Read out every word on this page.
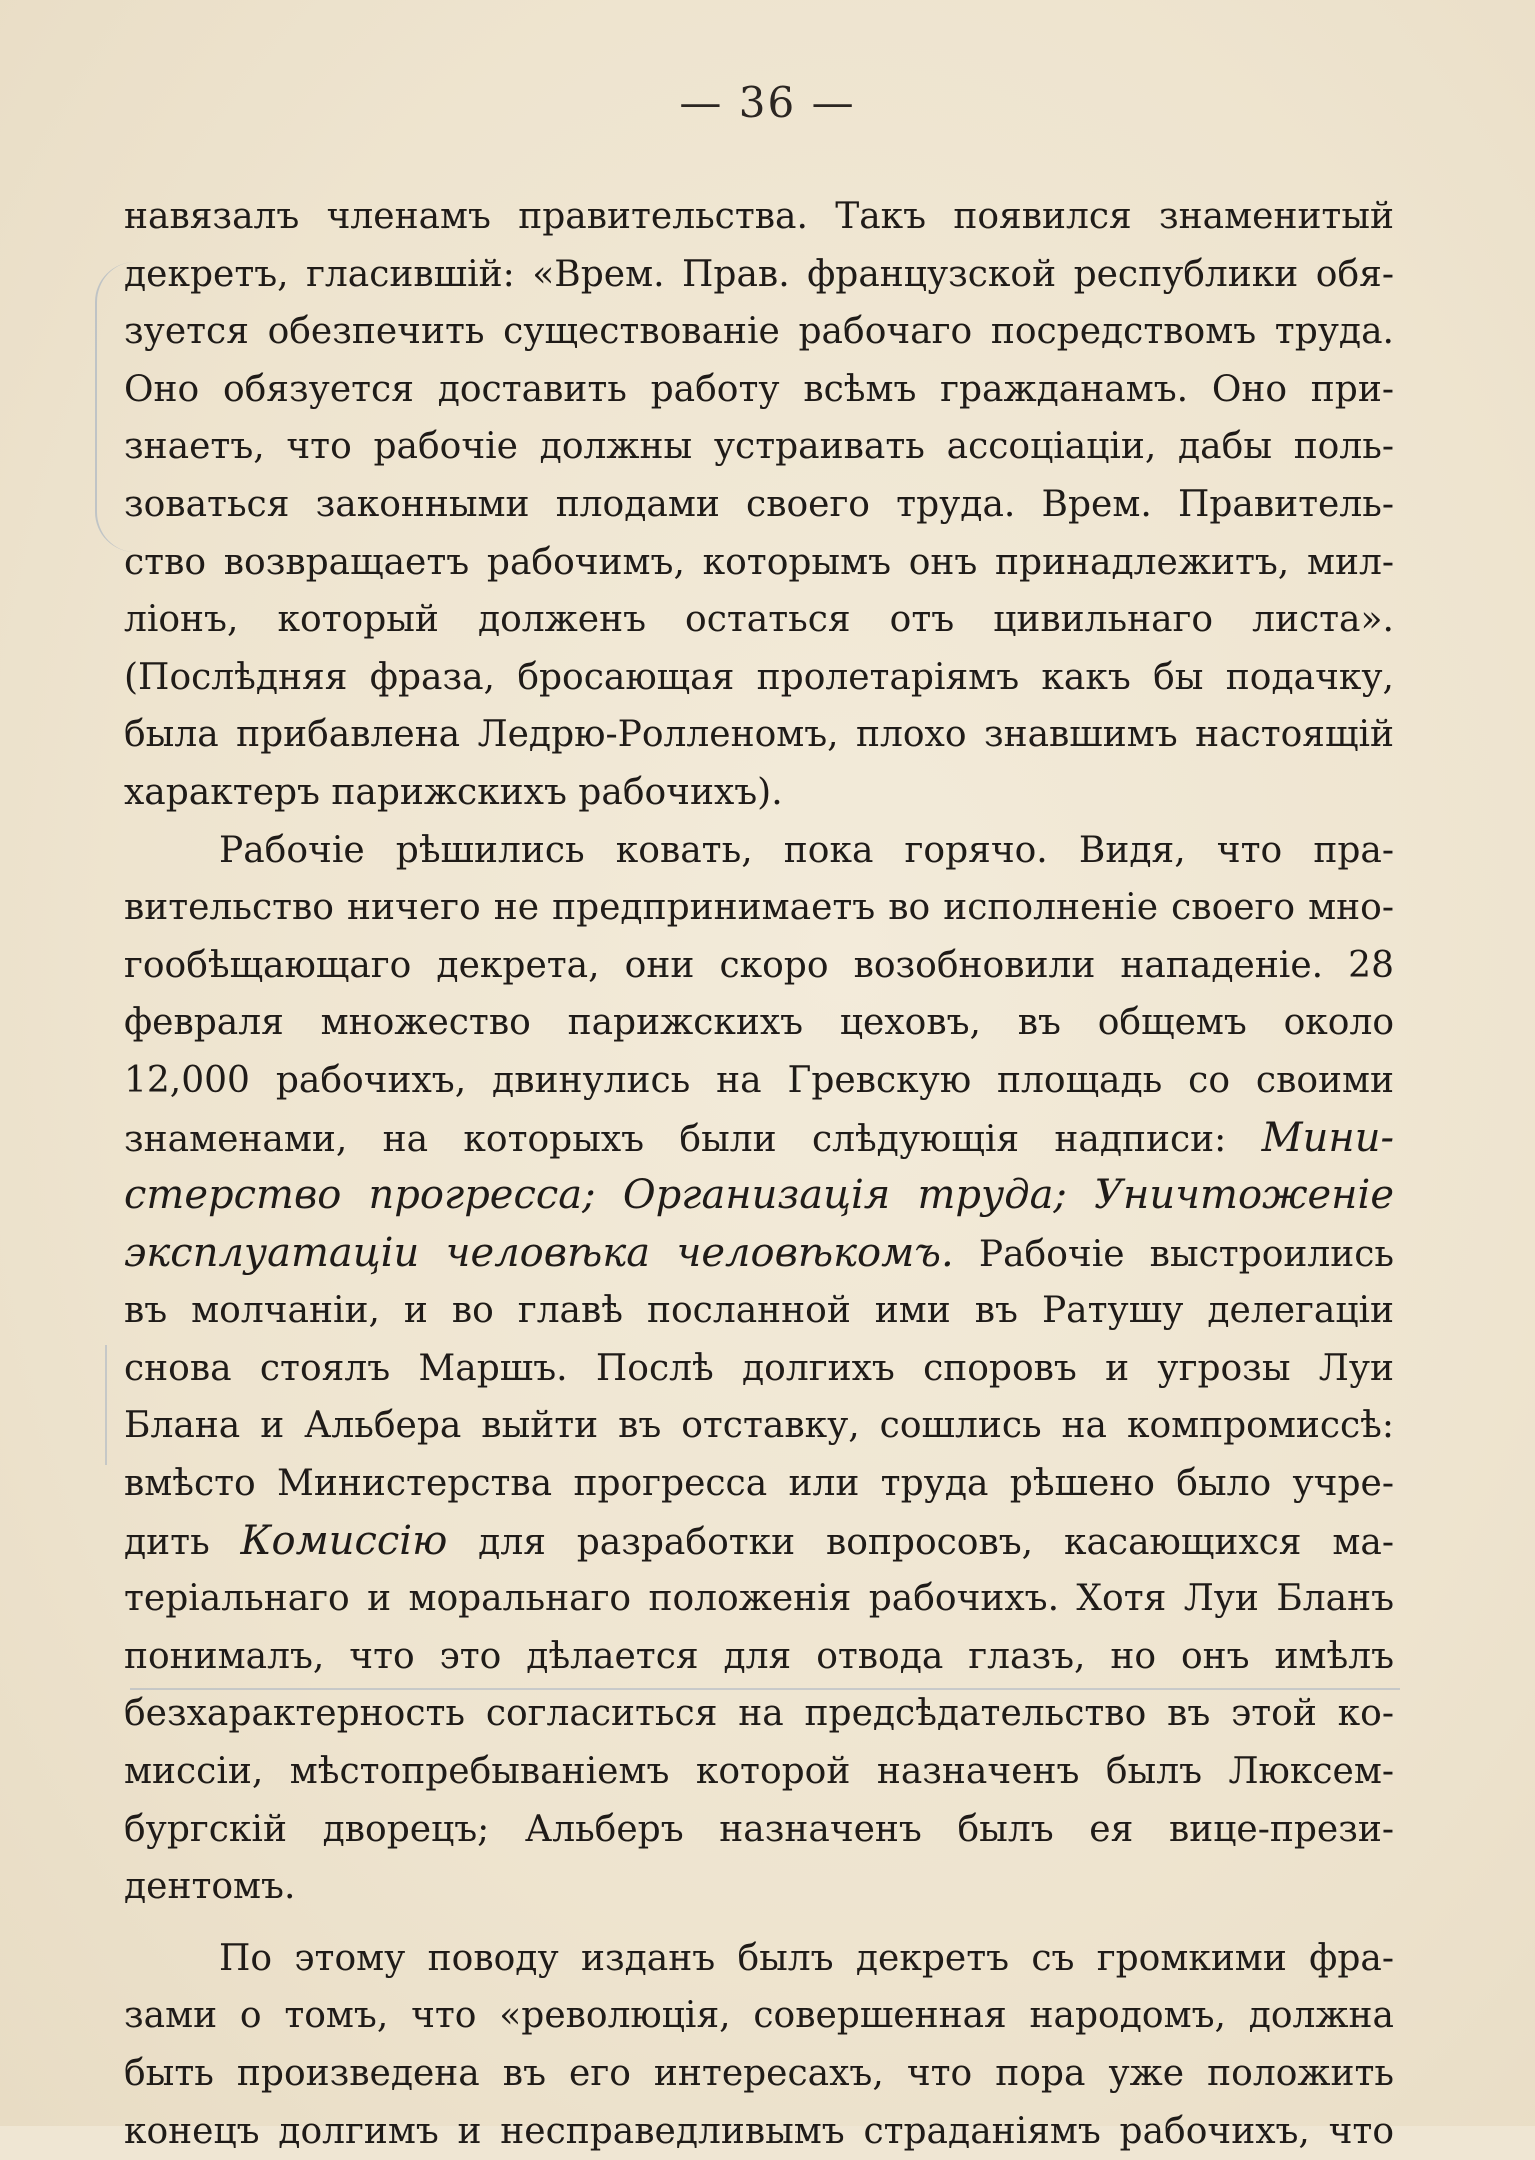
— 36 —
навязалъ членамъ правительства. Такъ появился знаменитый
декретъ, гласившій: «Врем. Прав. французской республики обя-
зуется обезпечить существованіе рабочаго посредствомъ труда.
Оно обязуется доставить работу всѣмъ гражданамъ. Оно при-
знаетъ, что рабочіе должны устраивать ассоціаціи, дабы поль-
зоваться законными плодами своего труда. Врем. Правитель-
ство возвращаетъ рабочимъ, которымъ онъ принадлежитъ, мил-
ліонъ, который долженъ остаться отъ цивильнаго листа».
(Послѣдняя фраза, бросающая пролетаріямъ какъ бы подачку,
была прибавлена Ледрю-Ролленомъ, плохо знавшимъ настоящій
характеръ парижскихъ рабочихъ).
Рабочіе рѣшились ковать, пока горячо. Видя, что пра-
вительство ничего не предпринимаетъ во исполненіе своего мно-
гообѣщающаго декрета, они скоро возобновили нападеніе. 28
февраля множество парижскихъ цеховъ, въ общемъ около
12,000 рабочихъ, двинулись на Гревскую площадь со своими
знаменами, на которыхъ были слѣдующія надписи: Мини-
стерство прогресса; Организація труда; Уничтоженіе
эксплуатаціи человѣка человѣкомъ. Рабочіе выстроились
въ молчаніи, и во главѣ посланной ими въ Ратушу делегаціи
снова стоялъ Маршъ. Послѣ долгихъ споровъ и угрозы Луи
Блана и Альбера выйти въ отставку, сошлись на компромиссѣ:
вмѣсто Министерства прогресса или труда рѣшено было учре-
дить Комиссію для разработки вопросовъ, касающихся ма-
теріальнаго и моральнаго положенія рабочихъ. Хотя Луи Бланъ
понималъ, что это дѣлается для отвода глазъ, но онъ имѣлъ
безхарактерность согласиться на предсѣдательство въ этой ко-
миссіи, мѣстопребываніемъ которой назначенъ былъ Люксем-
бургскій дворецъ; Альберъ назначенъ былъ ея вице-прези-
дентомъ.
По этому поводу изданъ былъ декретъ съ громкими фра-
зами о томъ, что «революція, совершенная народомъ, должна
быть произведена въ его интересахъ, что пора уже положить
конецъ долгимъ и несправедливымъ страданіямъ рабочихъ, что
